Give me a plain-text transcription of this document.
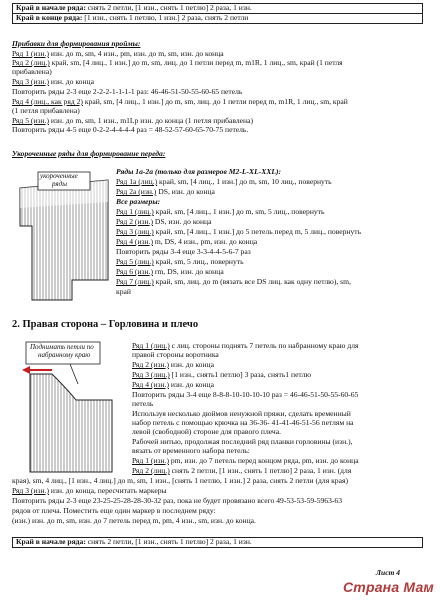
Край в начале ряда: снять 2 петли, [1 изн., снять 1 петлю] 2 раза, 1 изн.
Край в конце ряда: [1 изн., снять 1 петлю, 1 изн.] 2 раза, снять 2 петли
Прибавки для формирования проймы:
Ряд 1 (изн.) изн. до m, sm, 4 изн., pm, изн. до m, sm, изн. до конца
Ряд 2 (лиц.) край, sm, [4 лиц., 1 изн.] до m, sm, лиц. до 1 петли перед m, m1R, 1 лиц., sm, край (1 петля
прибавлена)
Ряд 3 (изн.) изн. до конца
Повторить ряды 2-3 еще 2-2-2-1-1-1-1 раз: 46-46-51-50-55-60-65 петель
Ряд 4 (лиц., как ряд 2) край, sm, [4 лиц., 1 изн.] до m, sm, лиц. до 1 петли перед m, m1R, 1 лиц., sm, край
(1 петля прибавлена)
Ряд 5 (изн.) изн. до m, sm, 1 изн., m1Lp изн. до конца (1 петля прибавлена)
Повторить ряды 4-5 еще 0-2-2-4-4-4-4 раз = 48-52-57-60-65-70-75 петель.
Укороченные ряды для формирование переда:
укороченные
ряды
Ряды 1а-2а (только для размеров M2-L-XL-XXL):
Ряд 1а (лиц.) край, sm, [4 лиц., 1 изн.] до m, sm, 10 лиц., повернуть
Ряд 2а (изн.) DS, изн. до конца
Все размеры:
Ряд 1 (лиц.) край, sm, [4 лиц., 1 изн.] до m, sm, 5 лиц., повернуть
Ряд 2 (изн.) DS, изн. до конца
Ряд 3 (лиц.) край, sm, [4 лиц., 1 изн.] до 5 петель перед m, 5 лиц., повернуть
Ряд 4 (изн.) m, DS, 4 изн., pm, изн. до конца
Повторить ряды 3-4 еще 3-3-4-4-5-6-7 раз
Ряд 5 (лиц.) край, sm, 5 лиц., повернуть
Ряд 6 (изн.) rm, DS, изн. до конца
Ряд 7 (лиц.) край, sm, лиц. до m (вязать все DS лиц. как одну петлю), sm,
край
2. Правая сторона – Горловина и плечо
Поднимать петли по
набранному краю
Ряд 1 (лиц.) с лиц. стороны поднять 7 петель по набранному краю для
правой стороны воротника
Ряд 2 (изн.) изн. до конца
Ряд 3 (лиц.) [1 изн., снять1 петлю] 3 раза, снять1 петлю
Ряд 4 (изн.) изн. до конца
Повторить ряды 3-4 еще 8-8-8-10-10-10-10 раз = 46-46-51-50-55-60-65
петель
Используя несколько дюймов ненужной пряжи, сделать временный
набор петель с помощью крючка на 36-36- 41-41-46-51-56 петлям на
левой (свободной) стороне для правого плеча.
Рабочей нитью, продолжая последний ряд планки горловины (изн.),
вязать от временного набора петель:
Ряд 1 (изн.) pm, изн. до 7 петель перед концом ряда, pm, изн. до конца
Ряд 2 (лиц.) снять 2 петли, [1 изн., снять 1 петлю] 2 раза, 1 изн. (для
края), sm, 4 лиц., [1 изн., 4 лиц.] до m, sm, 1 изн., [снять 1 петлю, 1 изн.] 2 раза, снять 2 петли (для края)
Ряд 3 (изн.) изн. до конца, пересчитать маркеры
Повторить ряды 2-3 еще 23-25-25-28-28-30-32 раз, пока не будет провязано всего 49-53-53-59-5963-63
рядов от плеча. Поместить еще один маркер в последнем ряду:
(изн.) изн. до m, sm, изн. до 7 петель перед m, pm, 4 изн., sm, изн. до конца.
Край в начале ряда: снять 2 петли, [1 изн., снять 1 петлю] 2 раза, 1 изн.
Лист 4
Страна Мам
